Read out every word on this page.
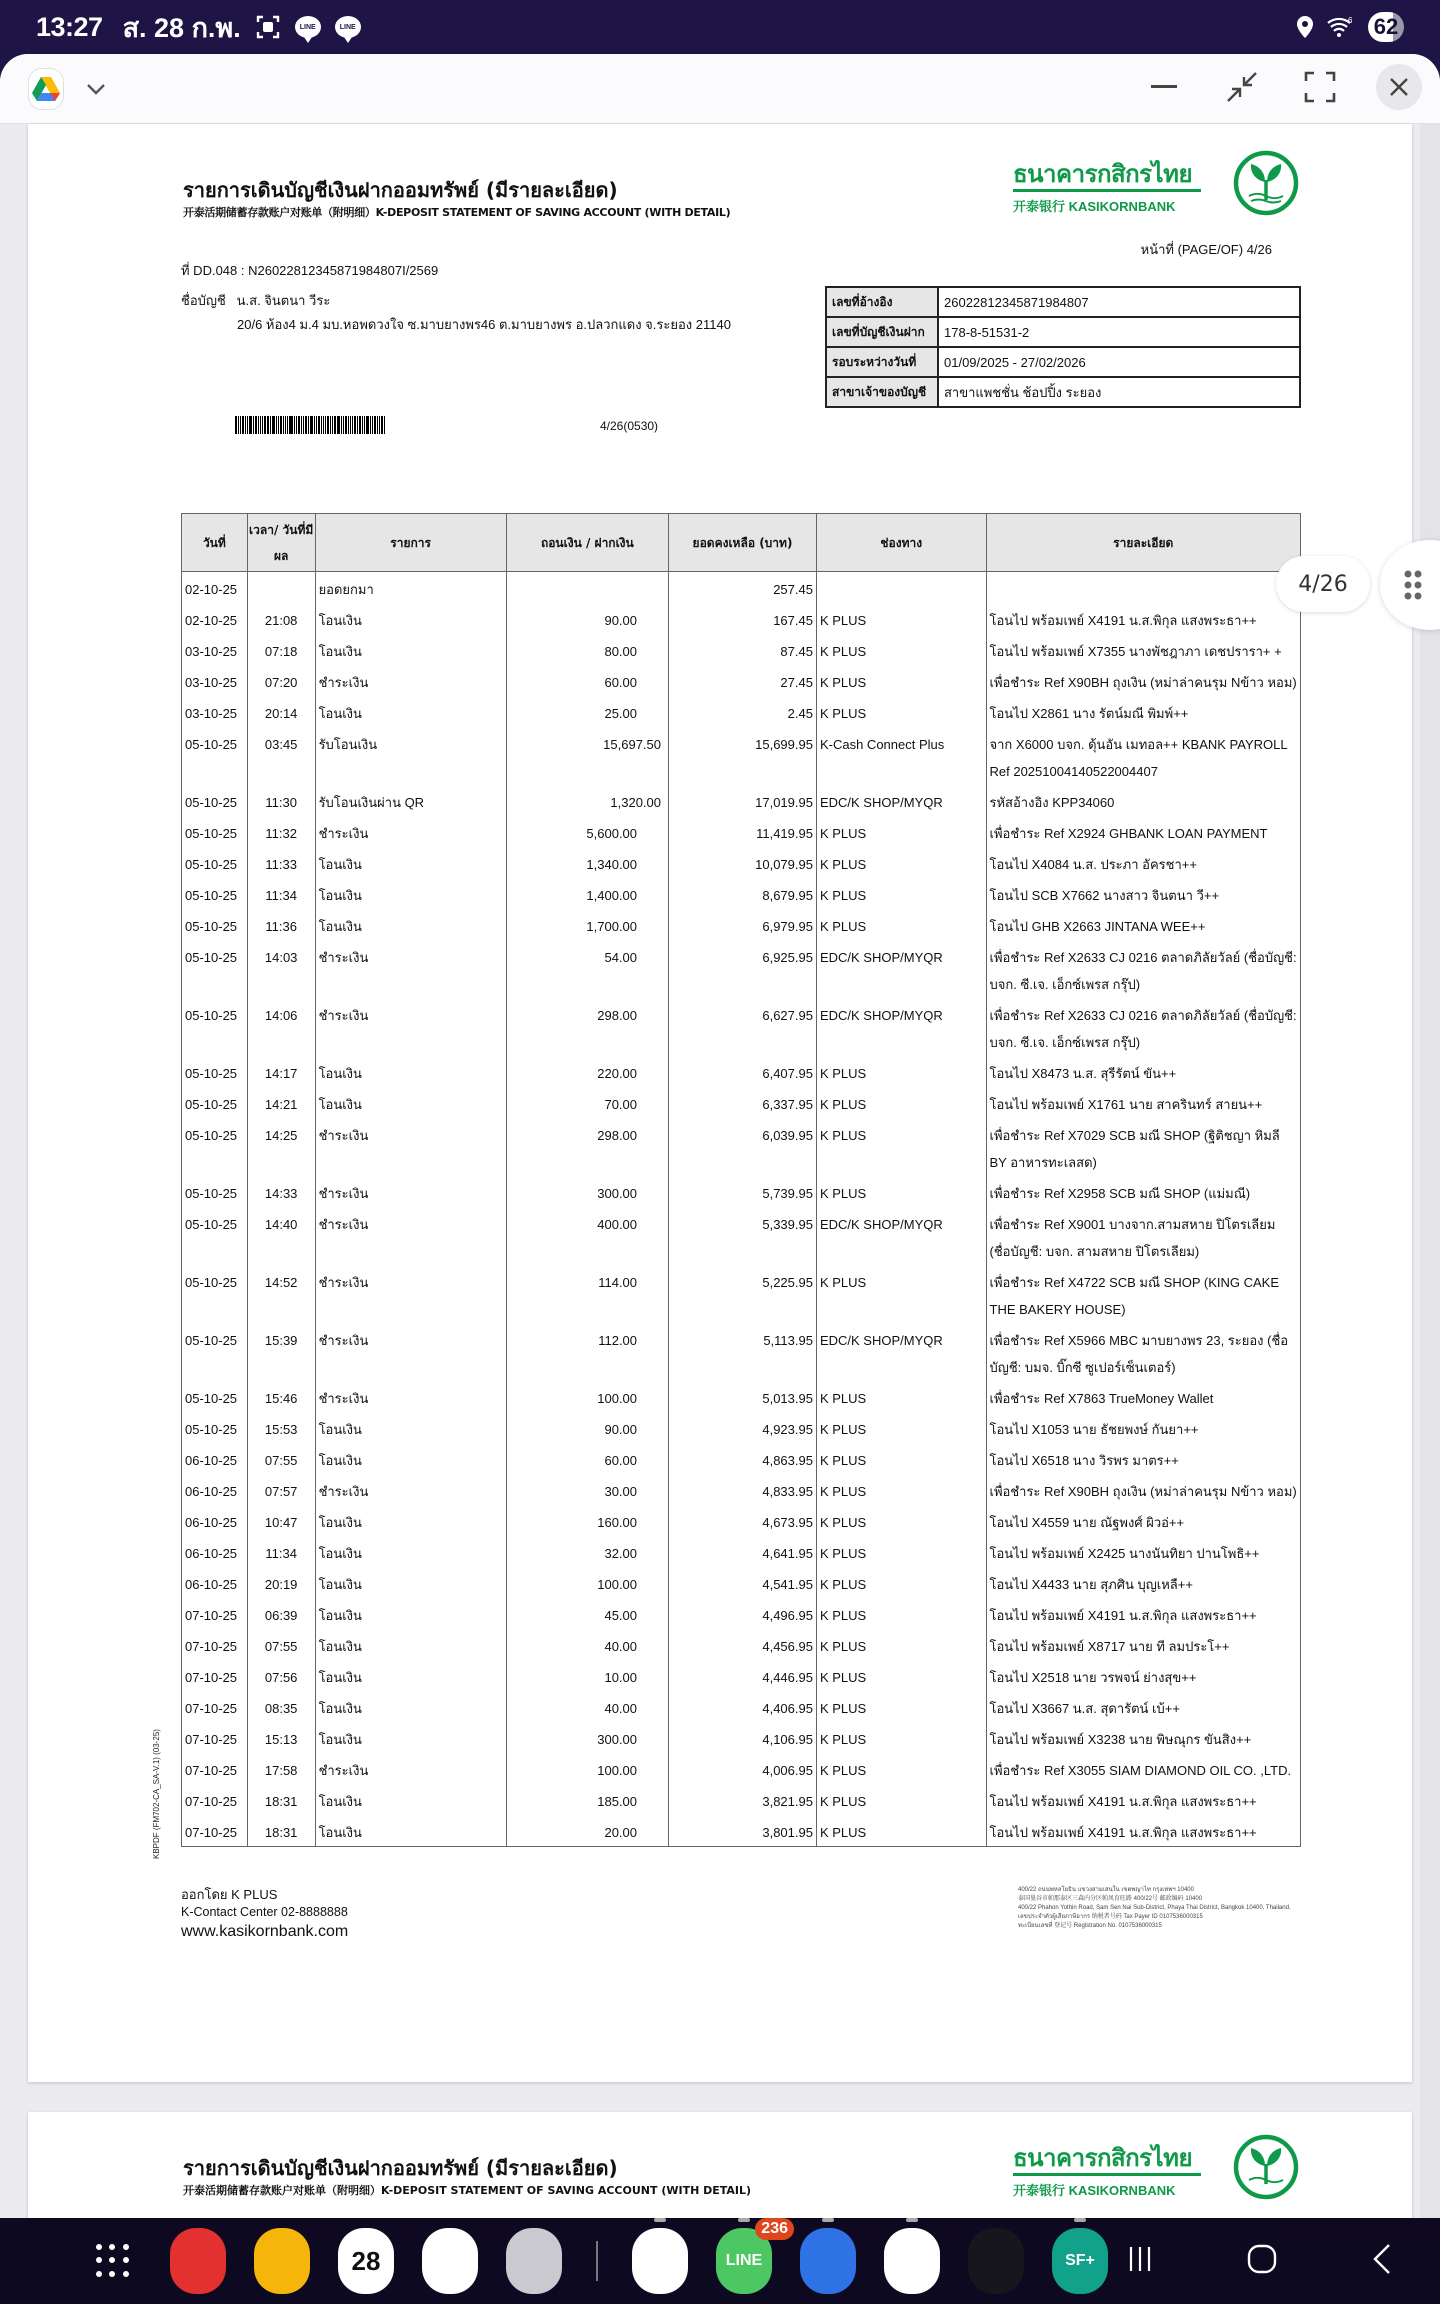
13:27 ส. 28 ก.พ.	LINE	LINE
6 62
รายการเดินบัญชีเงินฝากออมทรัพย์ (มีรายละเอียด)
开泰活期储蓄存款账户对账单（附明细）K-DEPOSIT STATEMENT OF SAVING ACCOUNT (WITH DETAIL)
ธนาคารกสิกรไทย
开泰银行 KASIKORNBANK
หน้าที่ (PAGE/OF) 4/26
ที่ DD.048 : N26022812345871984807I/2569
ชื่อบัญชี น.ส. จินตนา วีระ
20/6 ห้อง4 ม.4 มบ.หอพดวงใจ ซ.มาบยางพร46 ต.มาบยางพร อ.ปลวกแดง จ.ระยอง 21140
4/26(0530)
เลขที่อ้างอิง	26022812345871984807
เลขที่บัญชีเงินฝาก	178-8-51531-2
รอบระหว่างวันที่	01/09/2025 - 27/02/2026
สาขาเจ้าของบัญชี	สาขาแพชชั่น ช้อปปิ้ง ระยอง
วันที่	เวลา/ วันที่มีผล	รายการ	ถอนเงิน / ฝากเงิน	ยอดคงเหลือ (บาท)	ช่องทาง	รายละเอียด
02-10-25		ยอดยกมา		257.45		
02-10-25	21:08	โอนเงิน	90.00	167.45	K PLUS	โอนไป พร้อมเพย์ X4191 น.ส.พิกุล แสงพระธา++
03-10-25	07:18	โอนเงิน	80.00	87.45	K PLUS	โอนไป พร้อมเพย์ X7355 นางพัชฎาภา เดชปรารา+ +
03-10-25	07:20	ชำระเงิน	60.00	27.45	K PLUS	เพื่อชำระ Ref X90BH ถุงเงิน (หม่าล่าคนรุม Nข้าว หอม)
03-10-25	20:14	โอนเงิน	25.00	2.45	K PLUS	โอนไป X2861 นาง รัตน์มณี พิมพ์++
05-10-25	03:45	รับโอนเงิน	15,697.50	15,699.95	K-Cash Connect Plus	จาก X6000 บจก. ดุ้นอัน เมทอล++ KBANK PAYROLL Ref 20251004140522004407
05-10-25	11:30	รับโอนเงินผ่าน QR	1,320.00	17,019.95	EDC/K SHOP/MYQR	รหัสอ้างอิง KPP34060
05-10-25	11:32	ชำระเงิน	5,600.00	11,419.95	K PLUS	เพื่อชำระ Ref X2924 GHBANK LOAN PAYMENT
05-10-25	11:33	โอนเงิน	1,340.00	10,079.95	K PLUS	โอนไป X4084 น.ส. ประภา อัครชา++
05-10-25	11:34	โอนเงิน	1,400.00	8,679.95	K PLUS	โอนไป SCB X7662 นางสาว จินตนา วี++
05-10-25	11:36	โอนเงิน	1,700.00	6,979.95	K PLUS	โอนไป GHB X2663 JINTANA WEE++
05-10-25	14:03	ชำระเงิน	54.00	6,925.95	EDC/K SHOP/MYQR	เพื่อชำระ Ref X2633 CJ 0216 ตลาดภิลัยวัลย์ (ชื่อบัญชี: บจก. ซี.เจ. เอ็กซ์เพรส กรุ๊ป)
05-10-25	14:06	ชำระเงิน	298.00	6,627.95	EDC/K SHOP/MYQR	เพื่อชำระ Ref X2633 CJ 0216 ตลาดภิลัยวัลย์ (ชื่อบัญชี: บจก. ซี.เจ. เอ็กซ์เพรส กรุ๊ป)
05-10-25	14:17	โอนเงิน	220.00	6,407.95	K PLUS	โอนไป X8473 น.ส. สุรีรัตน์ ขัน++
05-10-25	14:21	โอนเงิน	70.00	6,337.95	K PLUS	โอนไป พร้อมเพย์ X1761 นาย สาครินทร์ สายน++
05-10-25	14:25	ชำระเงิน	298.00	6,039.95	K PLUS	เพื่อชำระ Ref X7029 SCB มณี SHOP (ฐิติชญา หิมลี BY อาหารทะเลสด)
05-10-25	14:33	ชำระเงิน	300.00	5,739.95	K PLUS	เพื่อชำระ Ref X2958 SCB มณี SHOP (แม่มณี)
05-10-25	14:40	ชำระเงิน	400.00	5,339.95	EDC/K SHOP/MYQR	เพื่อชำระ Ref X9001 บางจาก.สามสหาย ปิโตรเลียม (ชื่อบัญชี: บจก. สามสหาย ปิโตรเลียม)
05-10-25	14:52	ชำระเงิน	114.00	5,225.95	K PLUS	เพื่อชำระ Ref X4722 SCB มณี SHOP (KING CAKE THE BAKERY HOUSE)
05-10-25	15:39	ชำระเงิน	112.00	5,113.95	EDC/K SHOP/MYQR	เพื่อชำระ Ref X5966 MBC มาบยางพร 23, ระยอง (ชื่อบัญชี: บมจ. บิ๊กซี ซูเปอร์เซ็นเตอร์)
05-10-25	15:46	ชำระเงิน	100.00	5,013.95	K PLUS	เพื่อชำระ Ref X7863 TrueMoney Wallet
05-10-25	15:53	โอนเงิน	90.00	4,923.95	K PLUS	โอนไป X1053 นาย ธัชยพงษ์ กันยา++
06-10-25	07:55	โอนเงิน	60.00	4,863.95	K PLUS	โอนไป X6518 นาง วิรพร มาตร++
06-10-25	07:57	ชำระเงิน	30.00	4,833.95	K PLUS	เพื่อชำระ Ref X90BH ถุงเงิน (หม่าล่าคนรุม Nข้าว หอม)
06-10-25	10:47	โอนเงิน	160.00	4,673.95	K PLUS	โอนไป X4559 นาย ณัฐพงศ์ ผิวอ่++
06-10-25	11:34	โอนเงิน	32.00	4,641.95	K PLUS	โอนไป พร้อมเพย์ X2425 นางนันทิยา ปานโพธิ++
06-10-25	20:19	โอนเงิน	100.00	4,541.95	K PLUS	โอนไป X4433 นาย สุภศิน บุญเหลื++
07-10-25	06:39	โอนเงิน	45.00	4,496.95	K PLUS	โอนไป พร้อมเพย์ X4191 น.ส.พิกุล แสงพระธา++
07-10-25	07:55	โอนเงิน	40.00	4,456.95	K PLUS	โอนไป พร้อมเพย์ X8717 นาย ที ลมประโ++
07-10-25	07:56	โอนเงิน	10.00	4,446.95	K PLUS	โอนไป X2518 นาย วรพจน์ ย่างสุข++
07-10-25	08:35	โอนเงิน	40.00	4,406.95	K PLUS	โอนไป X3667 น.ส. สุดารัตน์ เบ้++
07-10-25	15:13	โอนเงิน	300.00	4,106.95	K PLUS	โอนไป พร้อมเพย์ X3238 นาย พิษณุกร ขันสิง++
07-10-25	17:58	ชำระเงิน	100.00	4,006.95	K PLUS	เพื่อชำระ Ref X3055 SIAM DIAMOND OIL CO. ,LTD.
07-10-25	18:31	โอนเงิน	185.00	3,821.95	K PLUS	โอนไป พร้อมเพย์ X4191 น.ส.พิกุล แสงพระธา++
07-10-25	18:31	โอนเงิน	20.00	3,801.95	K PLUS	โอนไป พร้อมเพย์ X4191 น.ส.พิกุล แสงพระธา++
KBPDF (FM702-CA_SA-V.1) (03-25)
ออกโดย K PLUS
K-Contact Center 02-8888888
www.kasikornbank.com
400/22 ถนนพหลโยธิน แขวงสามเสนใน เขตพญาไท กรุงเทพฯ 10400
泰国曼谷市帕那泰区三森内分区帕凤育旺路 400/22号 邮政编码 10400
400/22 Phahon Yothin Road, Sam Sen Nai Sub-District, Phaya Thai District, Bangkok 10400, Thailand.
เลขประจำตัวผู้เสียภาษีอากร 纳税者号码 Tax Payer ID 0107536000315
ทะเบียนเลขที่ 登记号 Registration No. 0107536000315
รายการเดินบัญชีเงินฝากออมทรัพย์ (มีรายละเอียด)
开泰活期储蓄存款账户对账单（附明细）K-DEPOSIT STATEMENT OF SAVING ACCOUNT (WITH DETAIL)
ธนาคารกสิกรไทย
开泰银行 KASIKORNBANK
4/26
28	LINE
236
SF+
